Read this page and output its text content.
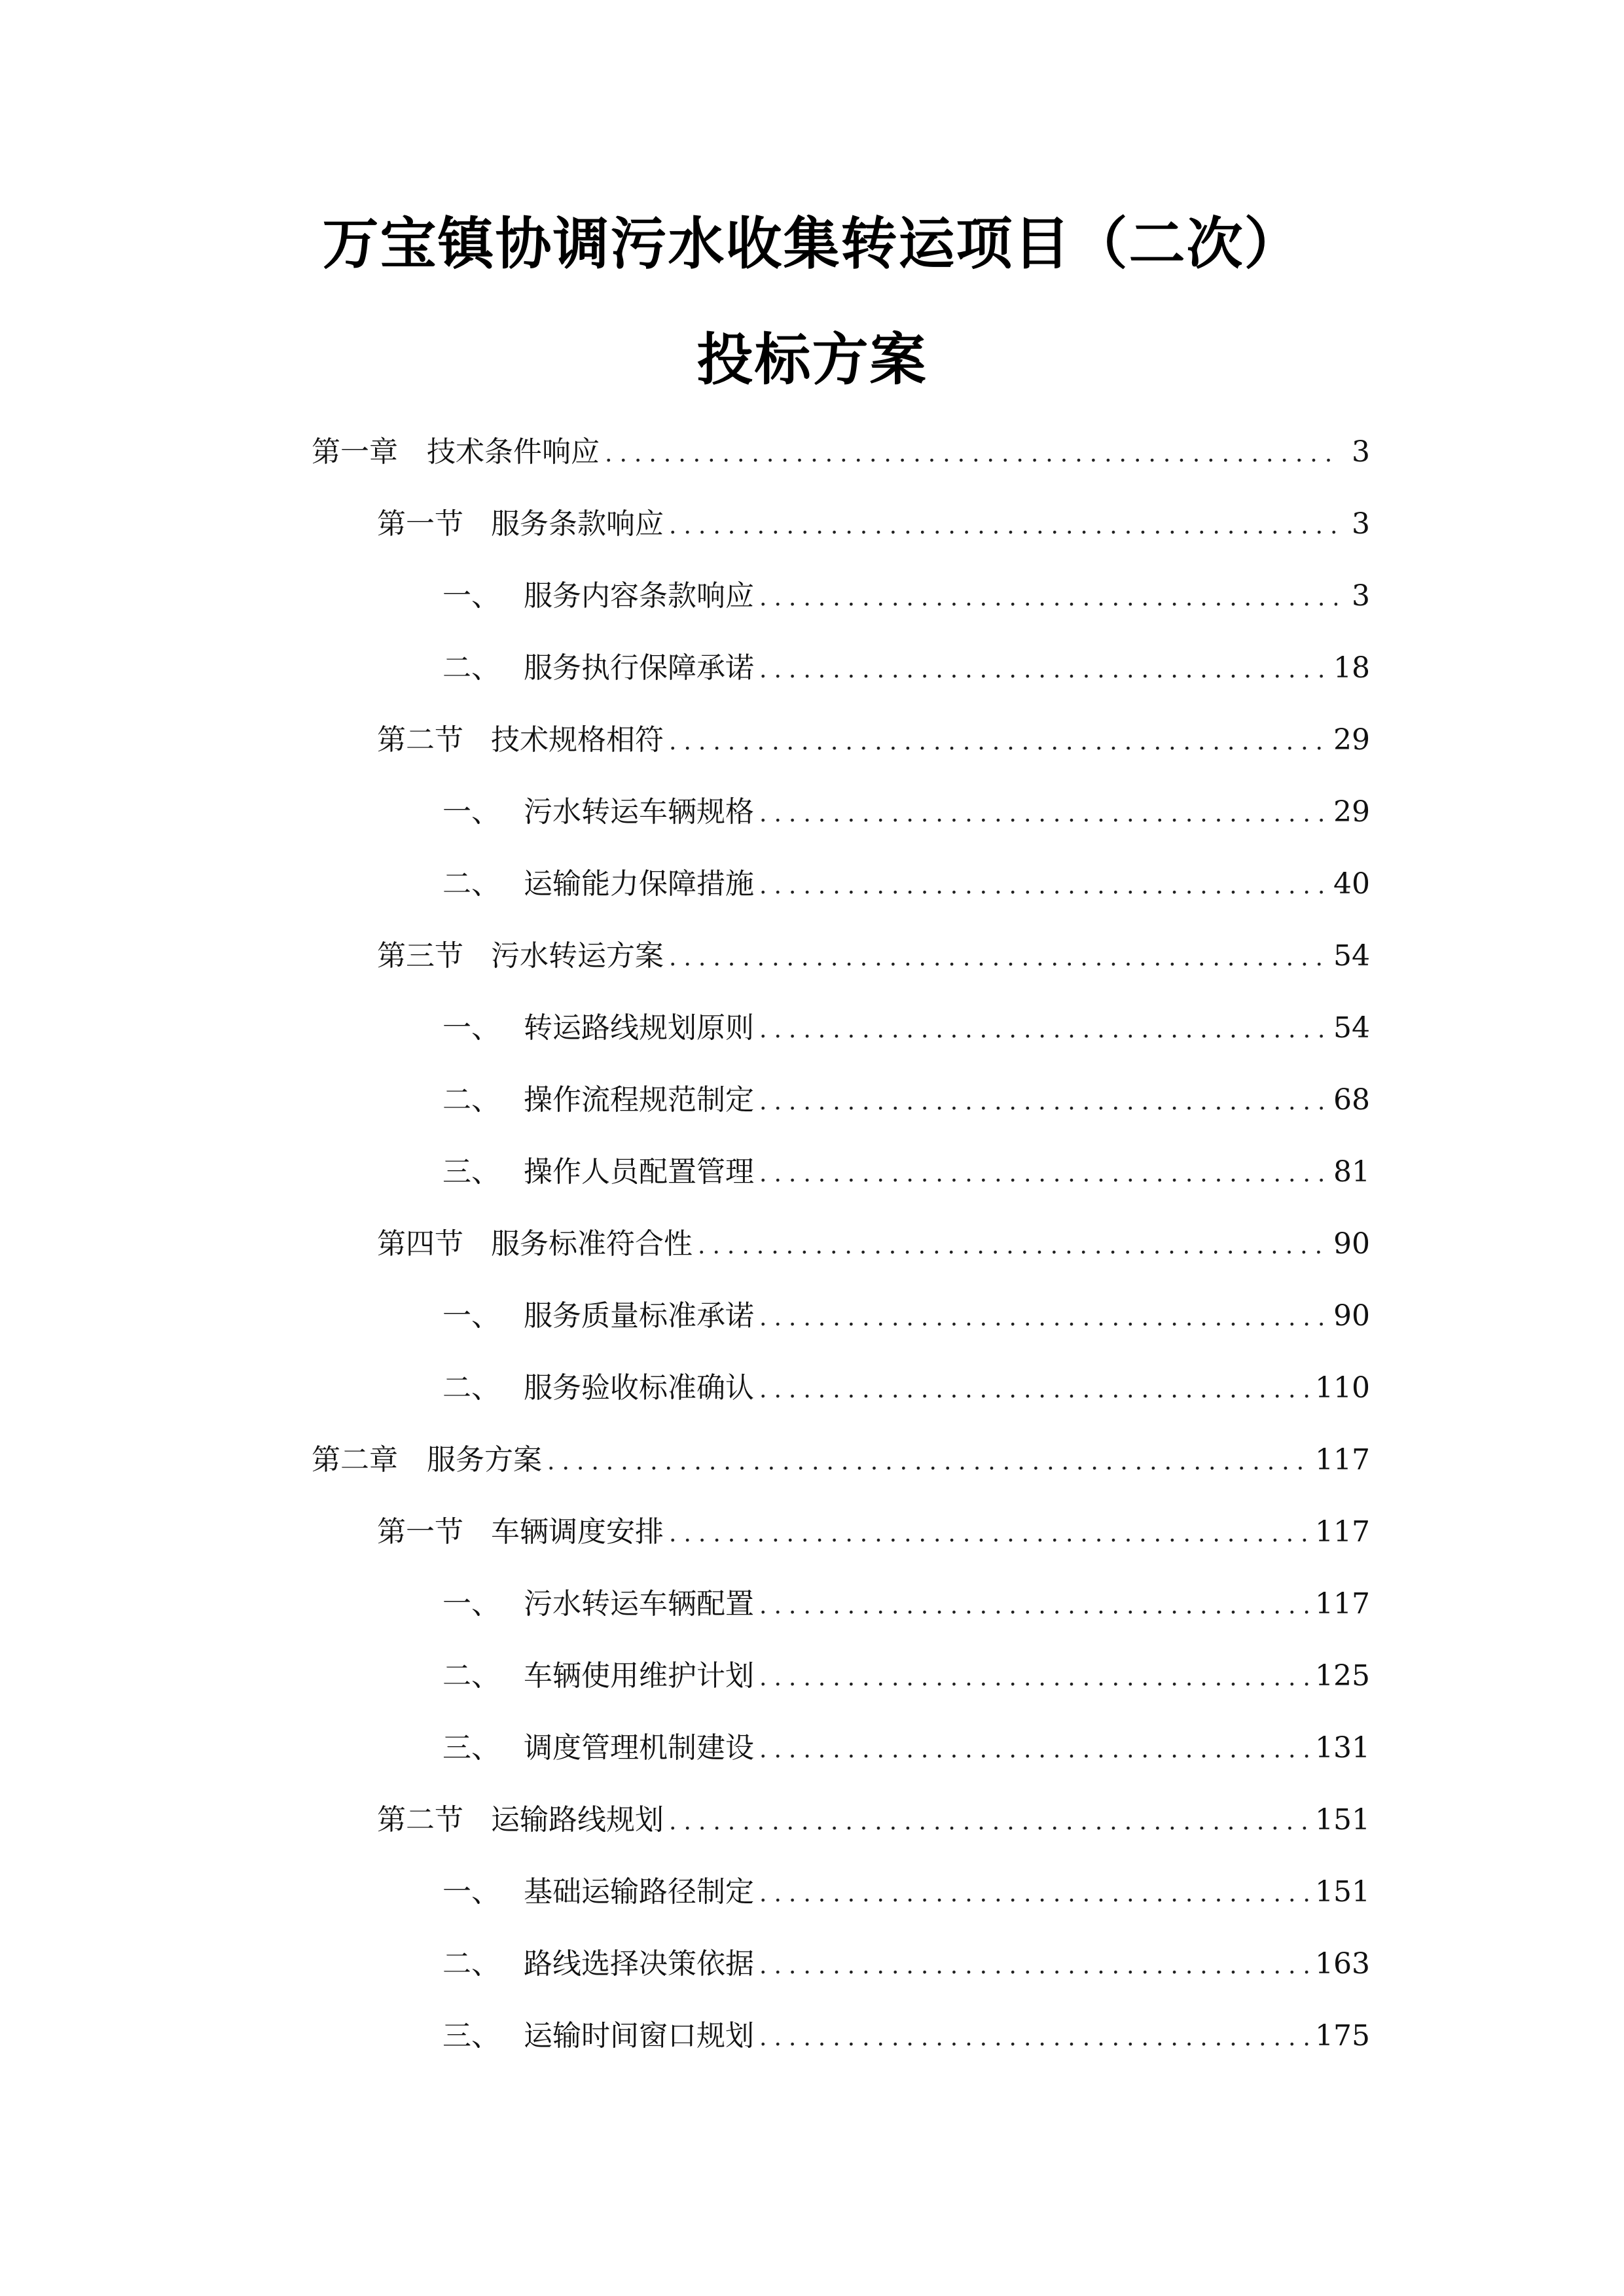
万宝镇协调污水收集转运项目（二次）
投标方案
第一章	技术条件响应 .....	3
第一节 服务条款响应 .....	3
一、 服务内容条款响应 .....	3
二、 服务执行保障承诺 .....	18
第二节 技术规格相符 .....	29
一、 污水转运车辆规格 .....	29
二、 运输能力保障措施 .....	40
第三节 污水转运方案 .....	54
一、 转运路线规划原则 .....	54
二、 操作流程规范制定 .....	68
三、 操作人员配置管理 .....	81
第四节 服务标准符合性 .....	90
一、 服务质量标准承诺 .....	90
二、 服务验收标准确认 .....	110
第二章	服务方案 .....	117
第一节 车辆调度安排 .....	117
一、 污水转运车辆配置 .....	117
二、 车辆使用维护计划 .....	125
三、 调度管理机制建设 .....	131
第二节 运输路线规划 .....	151
一、 基础运输路径制定 .....	151
二、 路线选择决策依据 .....	163
三、 运输时间窗口规划 .....	175
